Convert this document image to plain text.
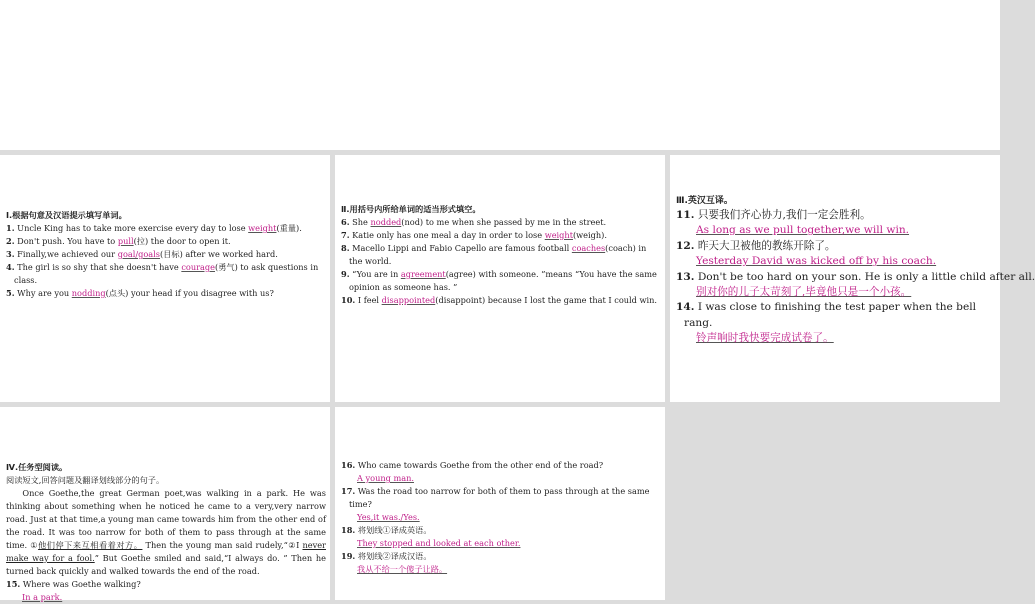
Ⅰ.根据句意及汉语提示填写单词。
1. Uncle King has to take more exercise every day to lose weight(重量).
2. Don't push. You have to pull(拉) the door to open it.
3. Finally,we achieved our goal/goals(目标) after we worked hard.
4. The girl is so shy that she doesn't have courage(勇气) to ask questions in class.
5. Why are you nodding(点头) your head if you disagree with us?
Ⅱ.用括号内所给单词的适当形式填空。
6. She nodded(nod) to me when she passed by me in the street.
7. Katie only has one meal a day in order to lose weight(weigh).
8. Macello Lippi and Fabio Capello are famous football coaches(coach) in the world.
9. “You are in agreement(agree) with someone. ”means “You have the same opinion as someone has. ”
10. I feel disappointed(disappoint) because I lost the game that I could win.
Ⅲ.英汉互译。
11. 只要我们齐心协力,我们一定会胜利。
As long as we pull together,we will win.
12. 昨天大卫被他的教练开除了。
Yesterday David was kicked off by his coach.
13. Don't be too hard on your son. He is only a little child after all.
别对你的儿子太苛刻了,毕竟他只是一个小孩。
14. I was close to finishing the test paper when the bell rang.
铃声响时我快要完成试卷了。
Ⅳ.任务型阅读。
阅读短文,回答问题及翻译划线部分的句子。
Once Goethe,the great German poet,was walking in a park. He was thinking about something when he noticed he came to a very,very narrow road. Just at that time,a young man came towards him from the other end of the road. It was too narrow for both of them to pass through at the same time. ①他们停下来互相看着对方。 Then the young man said rudely,“②I never make way for a fool.” But Goethe smiled and said,“I always do. ” Then he turned back quickly and walked towards the end of the road.
15. Where was Goethe walking?
In a park.
16. Who came towards Goethe from the other end of the road?
A young man.
17. Was the road too narrow for both of them to pass through at the same time?
Yes,it was./Yes.
18. 将划线①译成英语。
They stopped and looked at each other.
19. 将划线②译成汉语。
我从不给一个傻子让路。
